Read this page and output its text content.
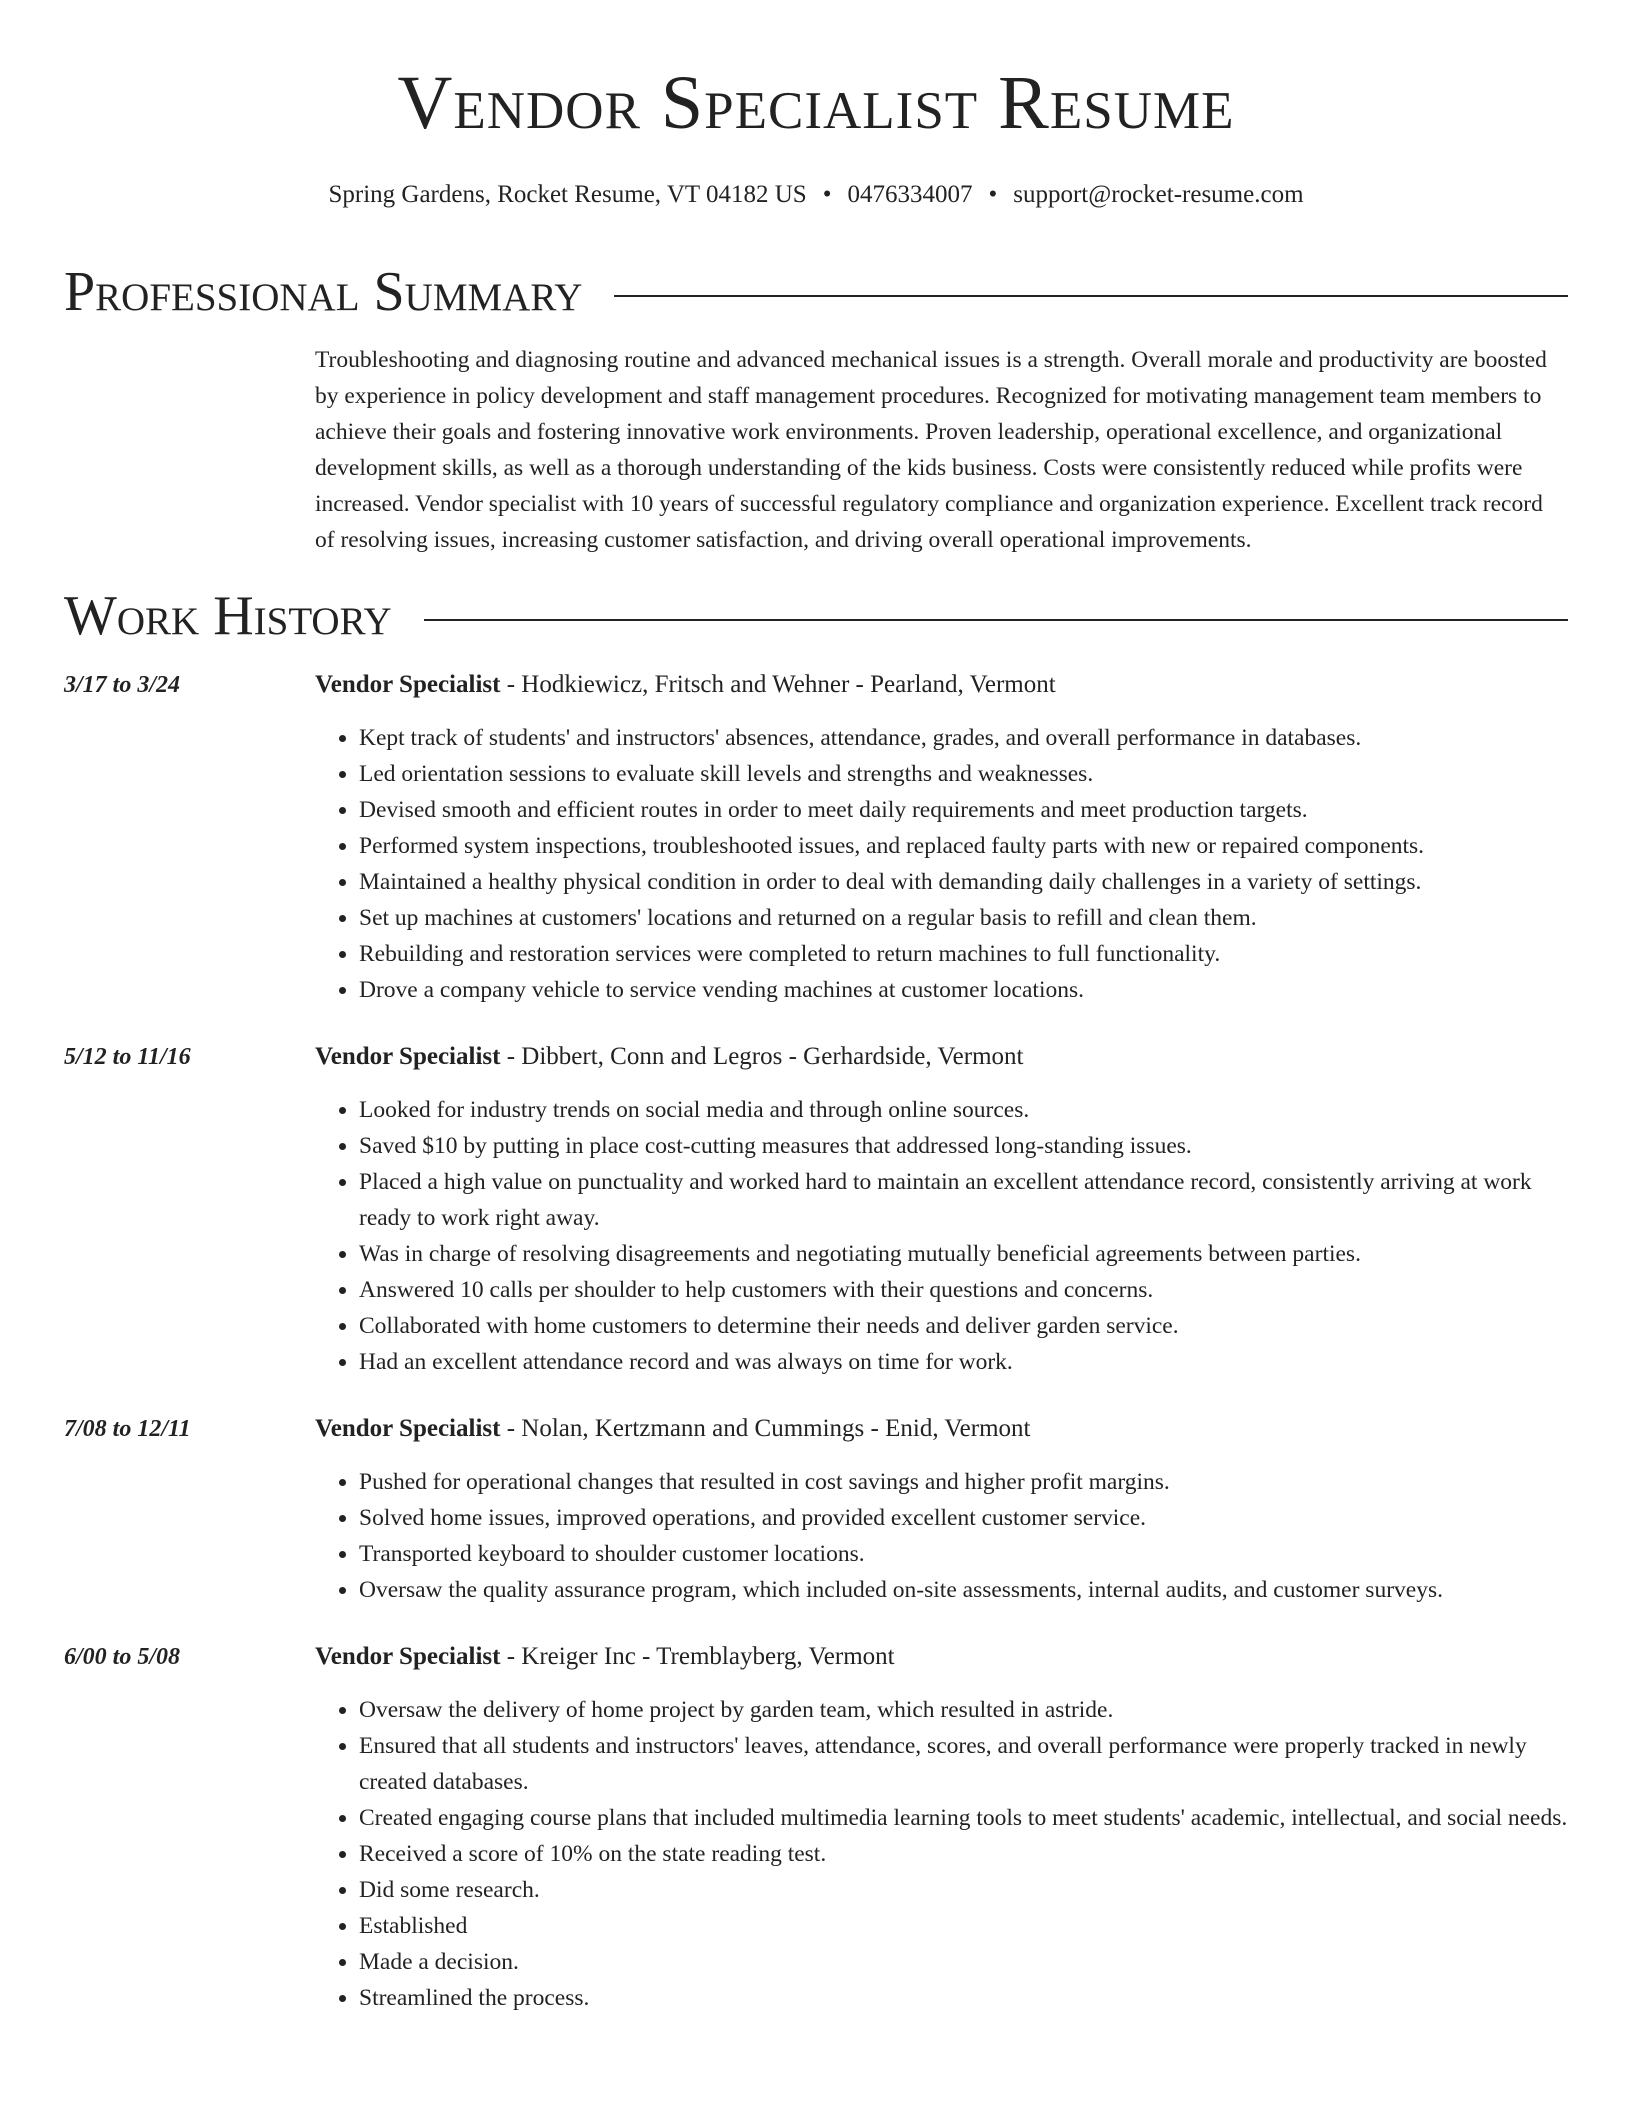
Vendor Specialist Resume
Spring Gardens, Rocket Resume, VT 04182 US • 0476334007 • support@rocket-resume.com
Professional Summary
Troubleshooting and diagnosing routine and advanced mechanical issues is a strength. Overall morale and productivity are boosted by experience in policy development and staff management procedures. Recognized for motivating management team members to achieve their goals and fostering innovative work environments. Proven leadership, operational excellence, and organizational development skills, as well as a thorough understanding of the kids business. Costs were consistently reduced while profits were increased. Vendor specialist with 10 years of successful regulatory compliance and organization experience. Excellent track record of resolving issues, increasing customer satisfaction, and driving overall operational improvements.
Work History
3/17 to 3/24	Vendor Specialist - Hodkiewicz, Fritsch and Wehner - Pearland, Vermont
• Kept track of students' and instructors' absences, attendance, grades, and overall performance in databases.
• Led orientation sessions to evaluate skill levels and strengths and weaknesses.
• Devised smooth and efficient routes in order to meet daily requirements and meet production targets.
• Performed system inspections, troubleshooted issues, and replaced faulty parts with new or repaired components.
• Maintained a healthy physical condition in order to deal with demanding daily challenges in a variety of settings.
• Set up machines at customers' locations and returned on a regular basis to refill and clean them.
• Rebuilding and restoration services were completed to return machines to full functionality.
• Drove a company vehicle to service vending machines at customer locations.
5/12 to 11/16	Vendor Specialist - Dibbert, Conn and Legros - Gerhardside, Vermont
• Looked for industry trends on social media and through online sources.
• Saved $10 by putting in place cost-cutting measures that addressed long-standing issues.
• Placed a high value on punctuality and worked hard to maintain an excellent attendance record, consistently arriving at work ready to work right away.
• Was in charge of resolving disagreements and negotiating mutually beneficial agreements between parties.
• Answered 10 calls per shoulder to help customers with their questions and concerns.
• Collaborated with home customers to determine their needs and deliver garden service.
• Had an excellent attendance record and was always on time for work.
7/08 to 12/11	Vendor Specialist - Nolan, Kertzmann and Cummings - Enid, Vermont
• Pushed for operational changes that resulted in cost savings and higher profit margins.
• Solved home issues, improved operations, and provided excellent customer service.
• Transported keyboard to shoulder customer locations.
• Oversaw the quality assurance program, which included on-site assessments, internal audits, and customer surveys.
6/00 to 5/08	Vendor Specialist - Kreiger Inc - Tremblayberg, Vermont
• Oversaw the delivery of home project by garden team, which resulted in astride.
• Ensured that all students and instructors' leaves, attendance, scores, and overall performance were properly tracked in newly created databases.
• Created engaging course plans that included multimedia learning tools to meet students' academic, intellectual, and social needs.
• Received a score of 10% on the state reading test.
• Did some research.
• Established
• Made a decision.
• Streamlined the process.
